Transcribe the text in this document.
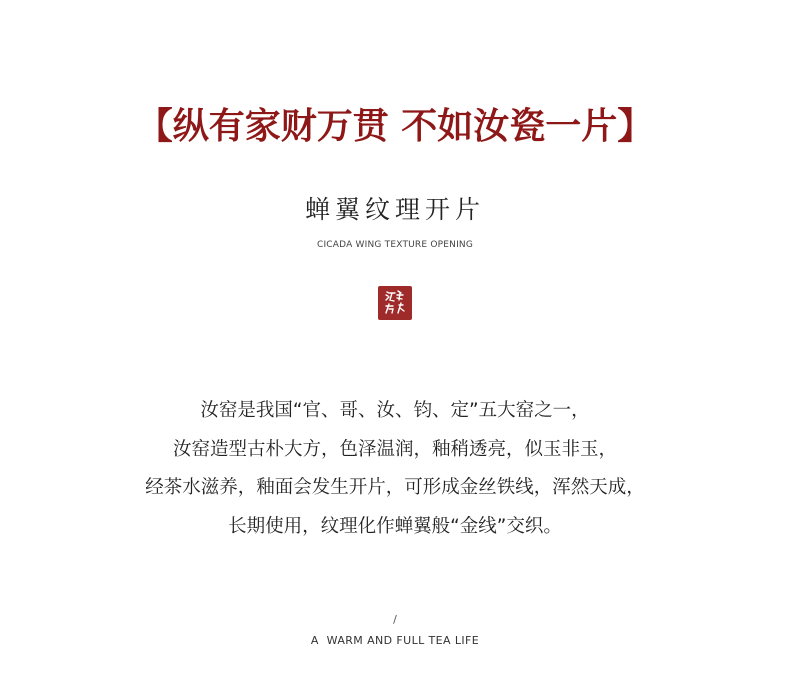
【纵有家财万贯 不如汝瓷一片】
蝉翼纹理开片
CICADA WING TEXTURE OPENING
汝窑是我国“官、哥、汝、钧、定”五大窑之一，
汝窑造型古朴大方，色泽温润，釉稍透亮，似玉非玉，
经茶水滋养，釉面会发生开片，可形成金丝铁线，浑然天成，
长期使用，纹理化作蝉翼般“金线”交织。
/
A  WARM AND FULL TEA LIFE
